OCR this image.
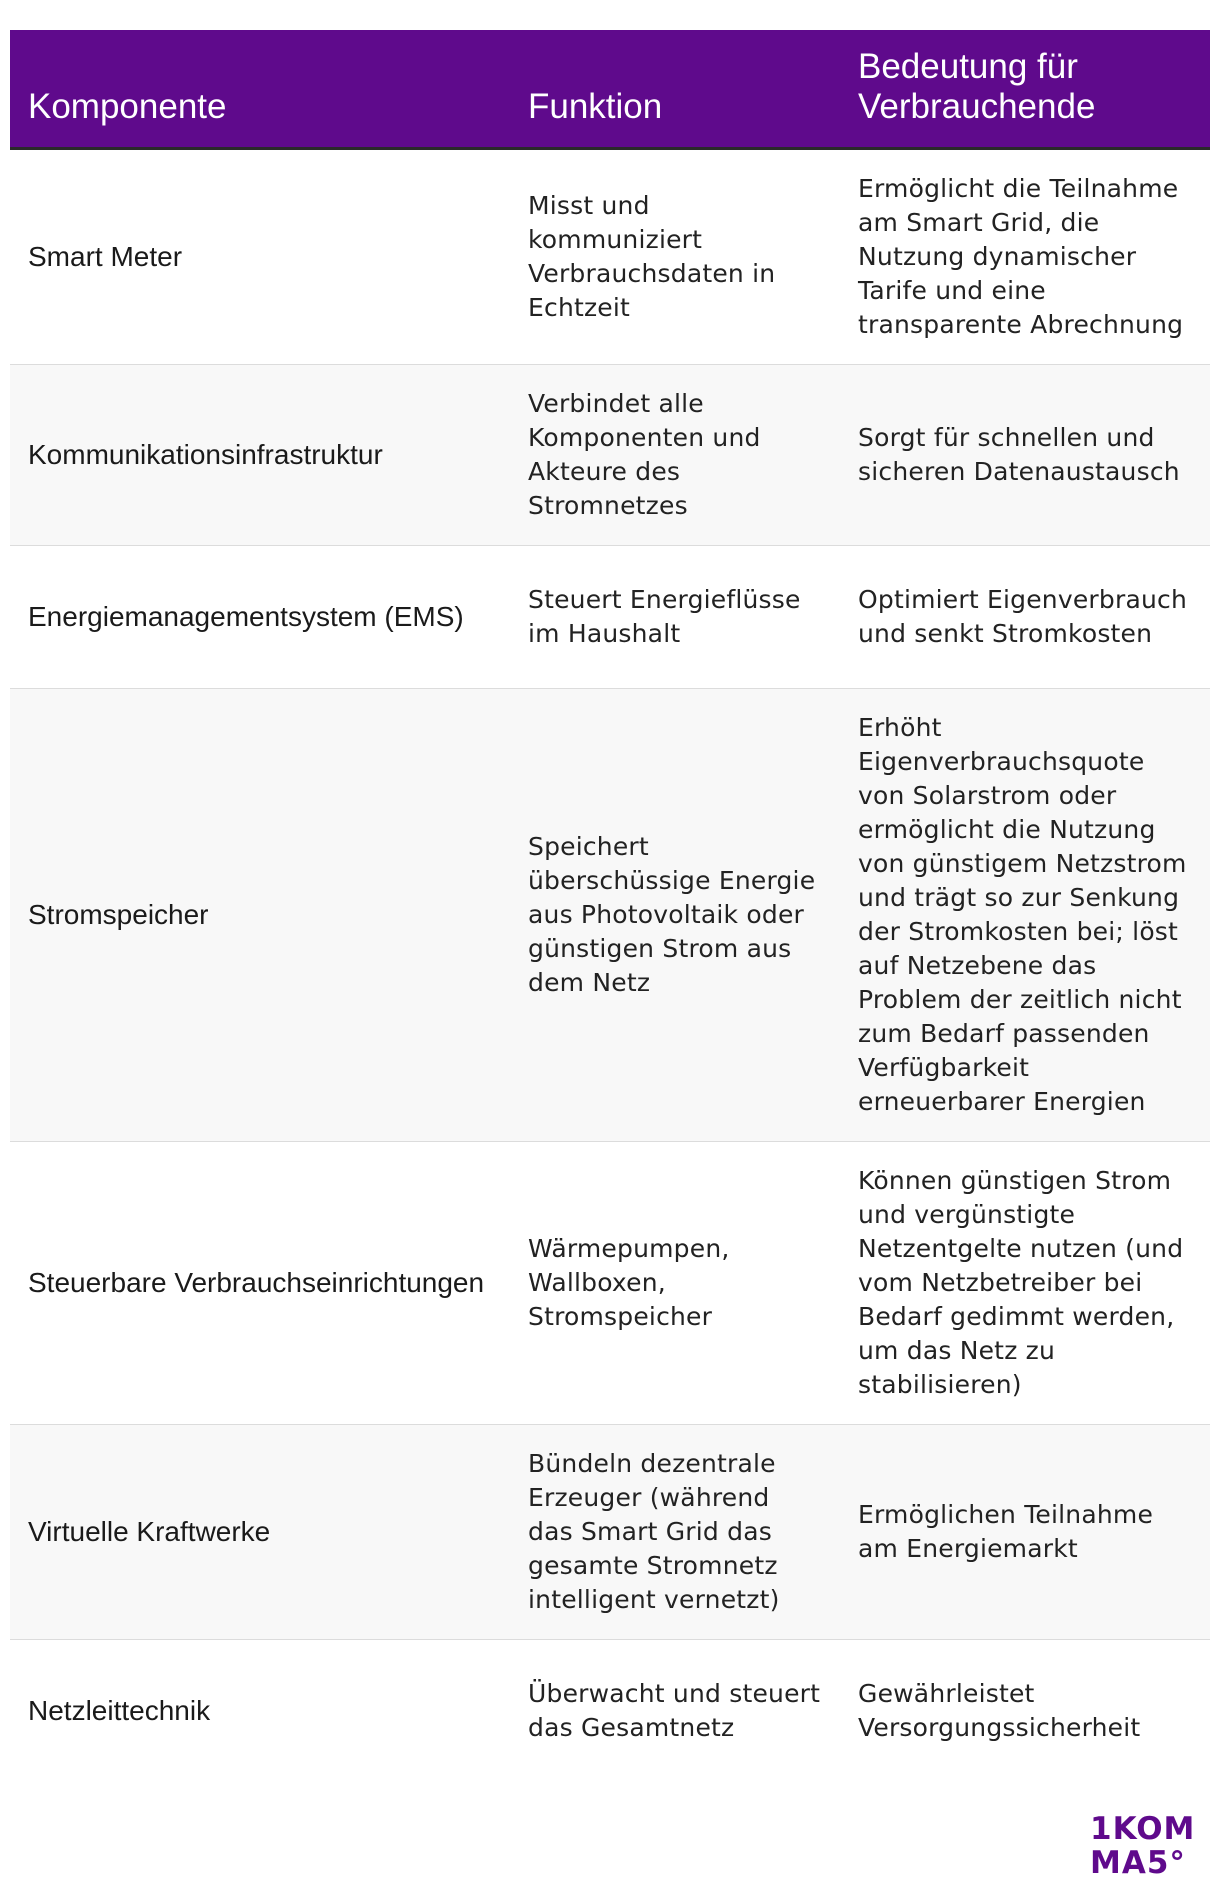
Komponente	Funktion	Bedeutung für Verbrauchende
Smart Meter	Misst und kommuniziert Verbrauchsdaten in Echtzeit	Ermöglicht die Teilnahme am Smart Grid, die Nutzung dynamischer Tarife und eine transparente Abrechnung
Kommunikationsinfrastruktur	Verbindet alle Komponenten und Akteure des Stromnetzes	Sorgt für schnellen und sicheren Datenaustausch
Energiemanagementsystem (EMS)	Steuert Energieflüsse im Haushalt	Optimiert Eigenverbrauch und senkt Stromkosten
Stromspeicher	Speichert überschüssige Energie aus Photovoltaik oder günstigen Strom aus dem Netz	Erhöht Eigenverbrauchsquote von Solarstrom oder ermöglicht die Nutzung von günstigem Netzstrom und trägt so zur Senkung der Stromkosten bei; löst auf Netzebene das Problem der zeitlich nicht zum Bedarf passenden Verfügbarkeit erneuerbarer Energien
Steuerbare Verbrauchseinrichtungen	Wärmepumpen, Wallboxen, Stromspeicher	Können günstigen Strom und vergünstigte Netzentgelte nutzen (und vom Netzbetreiber bei Bedarf gedimmt werden, um das Netz zu stabilisieren)
Virtuelle Kraftwerke	Bündeln dezentrale Erzeuger (während das Smart Grid das gesamte Stromnetz intelligent vernetzt)	Ermöglichen Teilnahme am Energiemarkt
Netzleittechnik	Überwacht und steuert das Gesamtnetz	Gewährleistet Versorgungssicherheit
1KOM
MA5°
